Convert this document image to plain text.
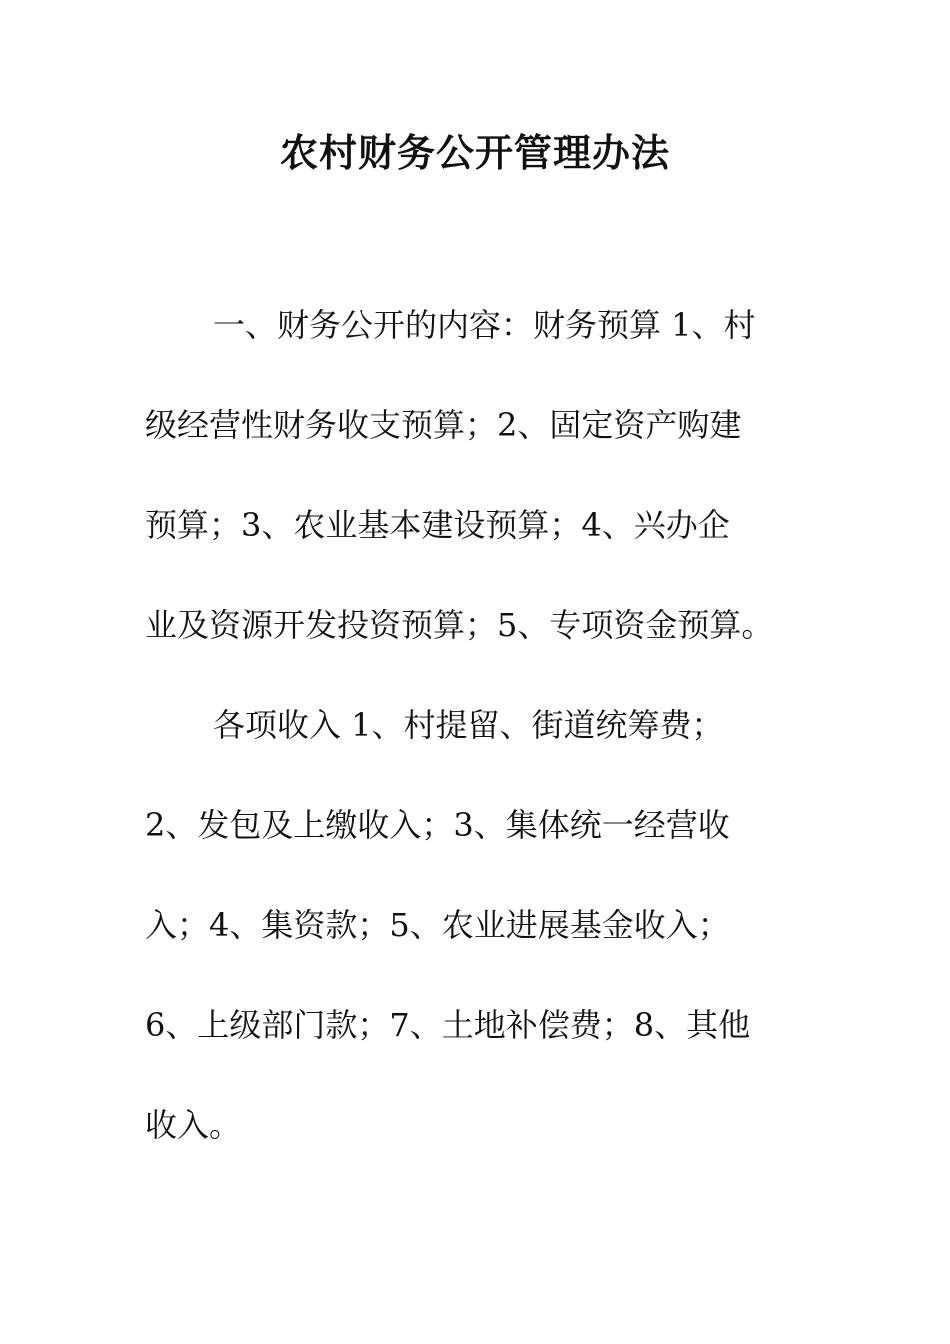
农村财务公开管理办法
一、财务公开的内容：财务预算 1、村
级经营性财务收支预算；2、固定资产购建
预算；3、农业基本建设预算；4、兴办企
业及资源开发投资预算；5、专项资金预算。
各项收入 1、村提留、街道统筹费；
2、发包及上缴收入；3、集体统一经营收
入；4、集资款；5、农业进展基金收入；
6、上级部门款；7、土地补偿费；8、其他
收入。
